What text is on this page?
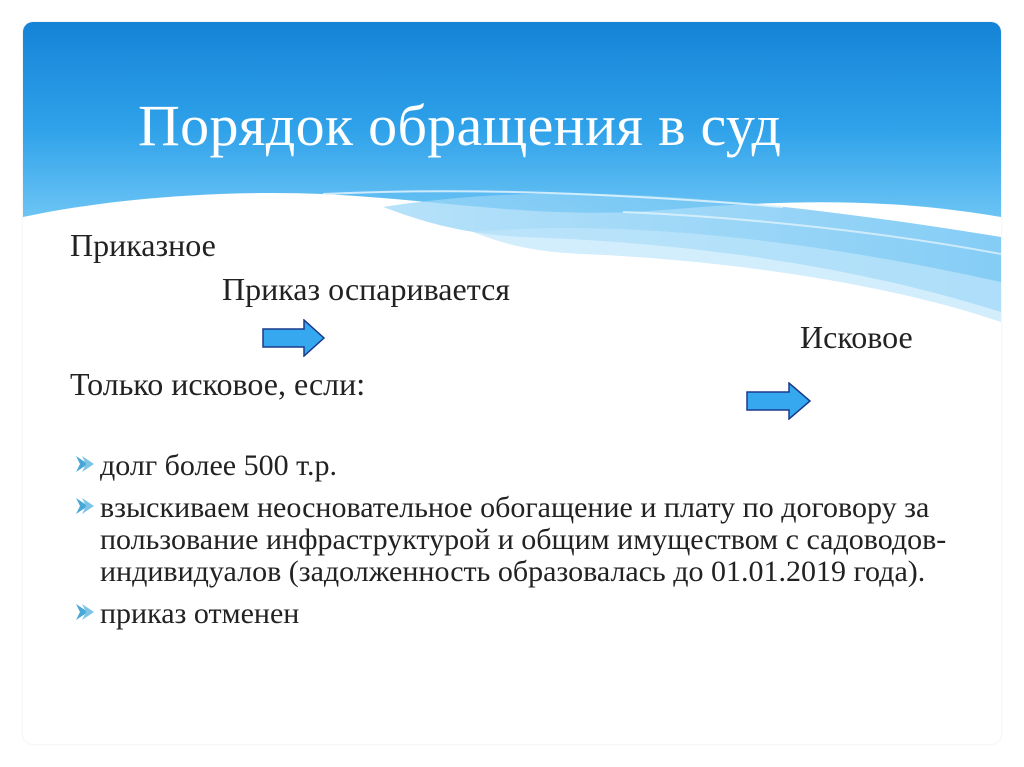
Порядок обращения в суд
Приказное
Приказ оспаривается
Исковое
Только исковое, если:
долг более 500 т.р.
взыскиваем неосновательное обогащение и плату по договору за пользование инфраструктурой и общим имуществом с садоводов-индивидуалов (задолженность образовалась до 01.01.2019 года).
приказ отменен
